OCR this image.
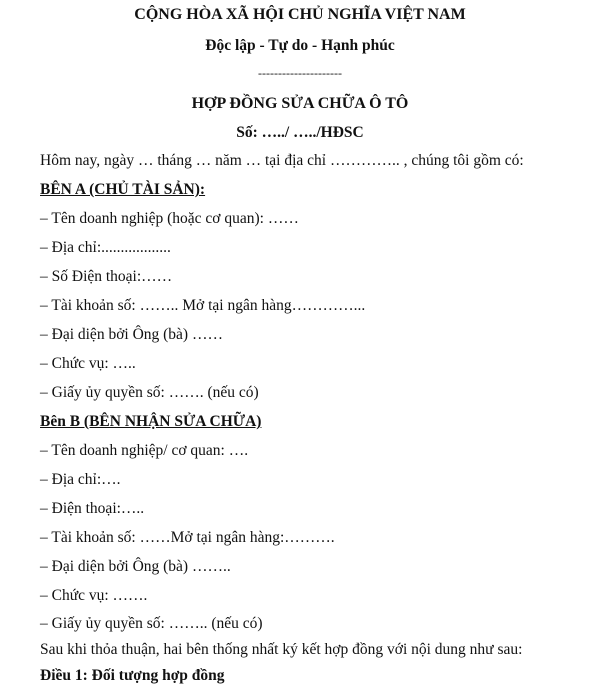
CỘNG HÒA XÃ HỘI CHỦ NGHĨA VIỆT NAM
Độc lập - Tự do - Hạnh phúc
---------------------
HỢP ĐỒNG SỬA CHỮA Ô TÔ
Số: …../ …../HĐSC
Hôm nay, ngày … tháng … năm … tại địa chỉ ………….. , chúng tôi gồm có:
BÊN A (CHỦ TÀI SẢN):
– Tên doanh nghiệp (hoặc cơ quan): ……
– Địa chỉ:..................
– Số Điện thoại:……
– Tài khoản số: …….. Mở tại ngân hàng…………...
– Đại diện bởi Ông (bà) ……
– Chức vụ: …..
– Giấy ủy quyền số: ……. (nếu có)
Bên B (BÊN NHẬN SỬA CHỮA)
– Tên doanh nghiệp/ cơ quan: ….
– Địa chỉ:….
– Điện thoại:…..
– Tài khoản số: ……Mở tại ngân hàng:……….
– Đại diện bởi Ông (bà) ……..
– Chức vụ: …….
– Giấy ủy quyền số: …….. (nếu có)
Sau khi thỏa thuận, hai bên thống nhất ký kết hợp đồng với nội dung như sau:
Điều 1: Đối tượng hợp đồng
